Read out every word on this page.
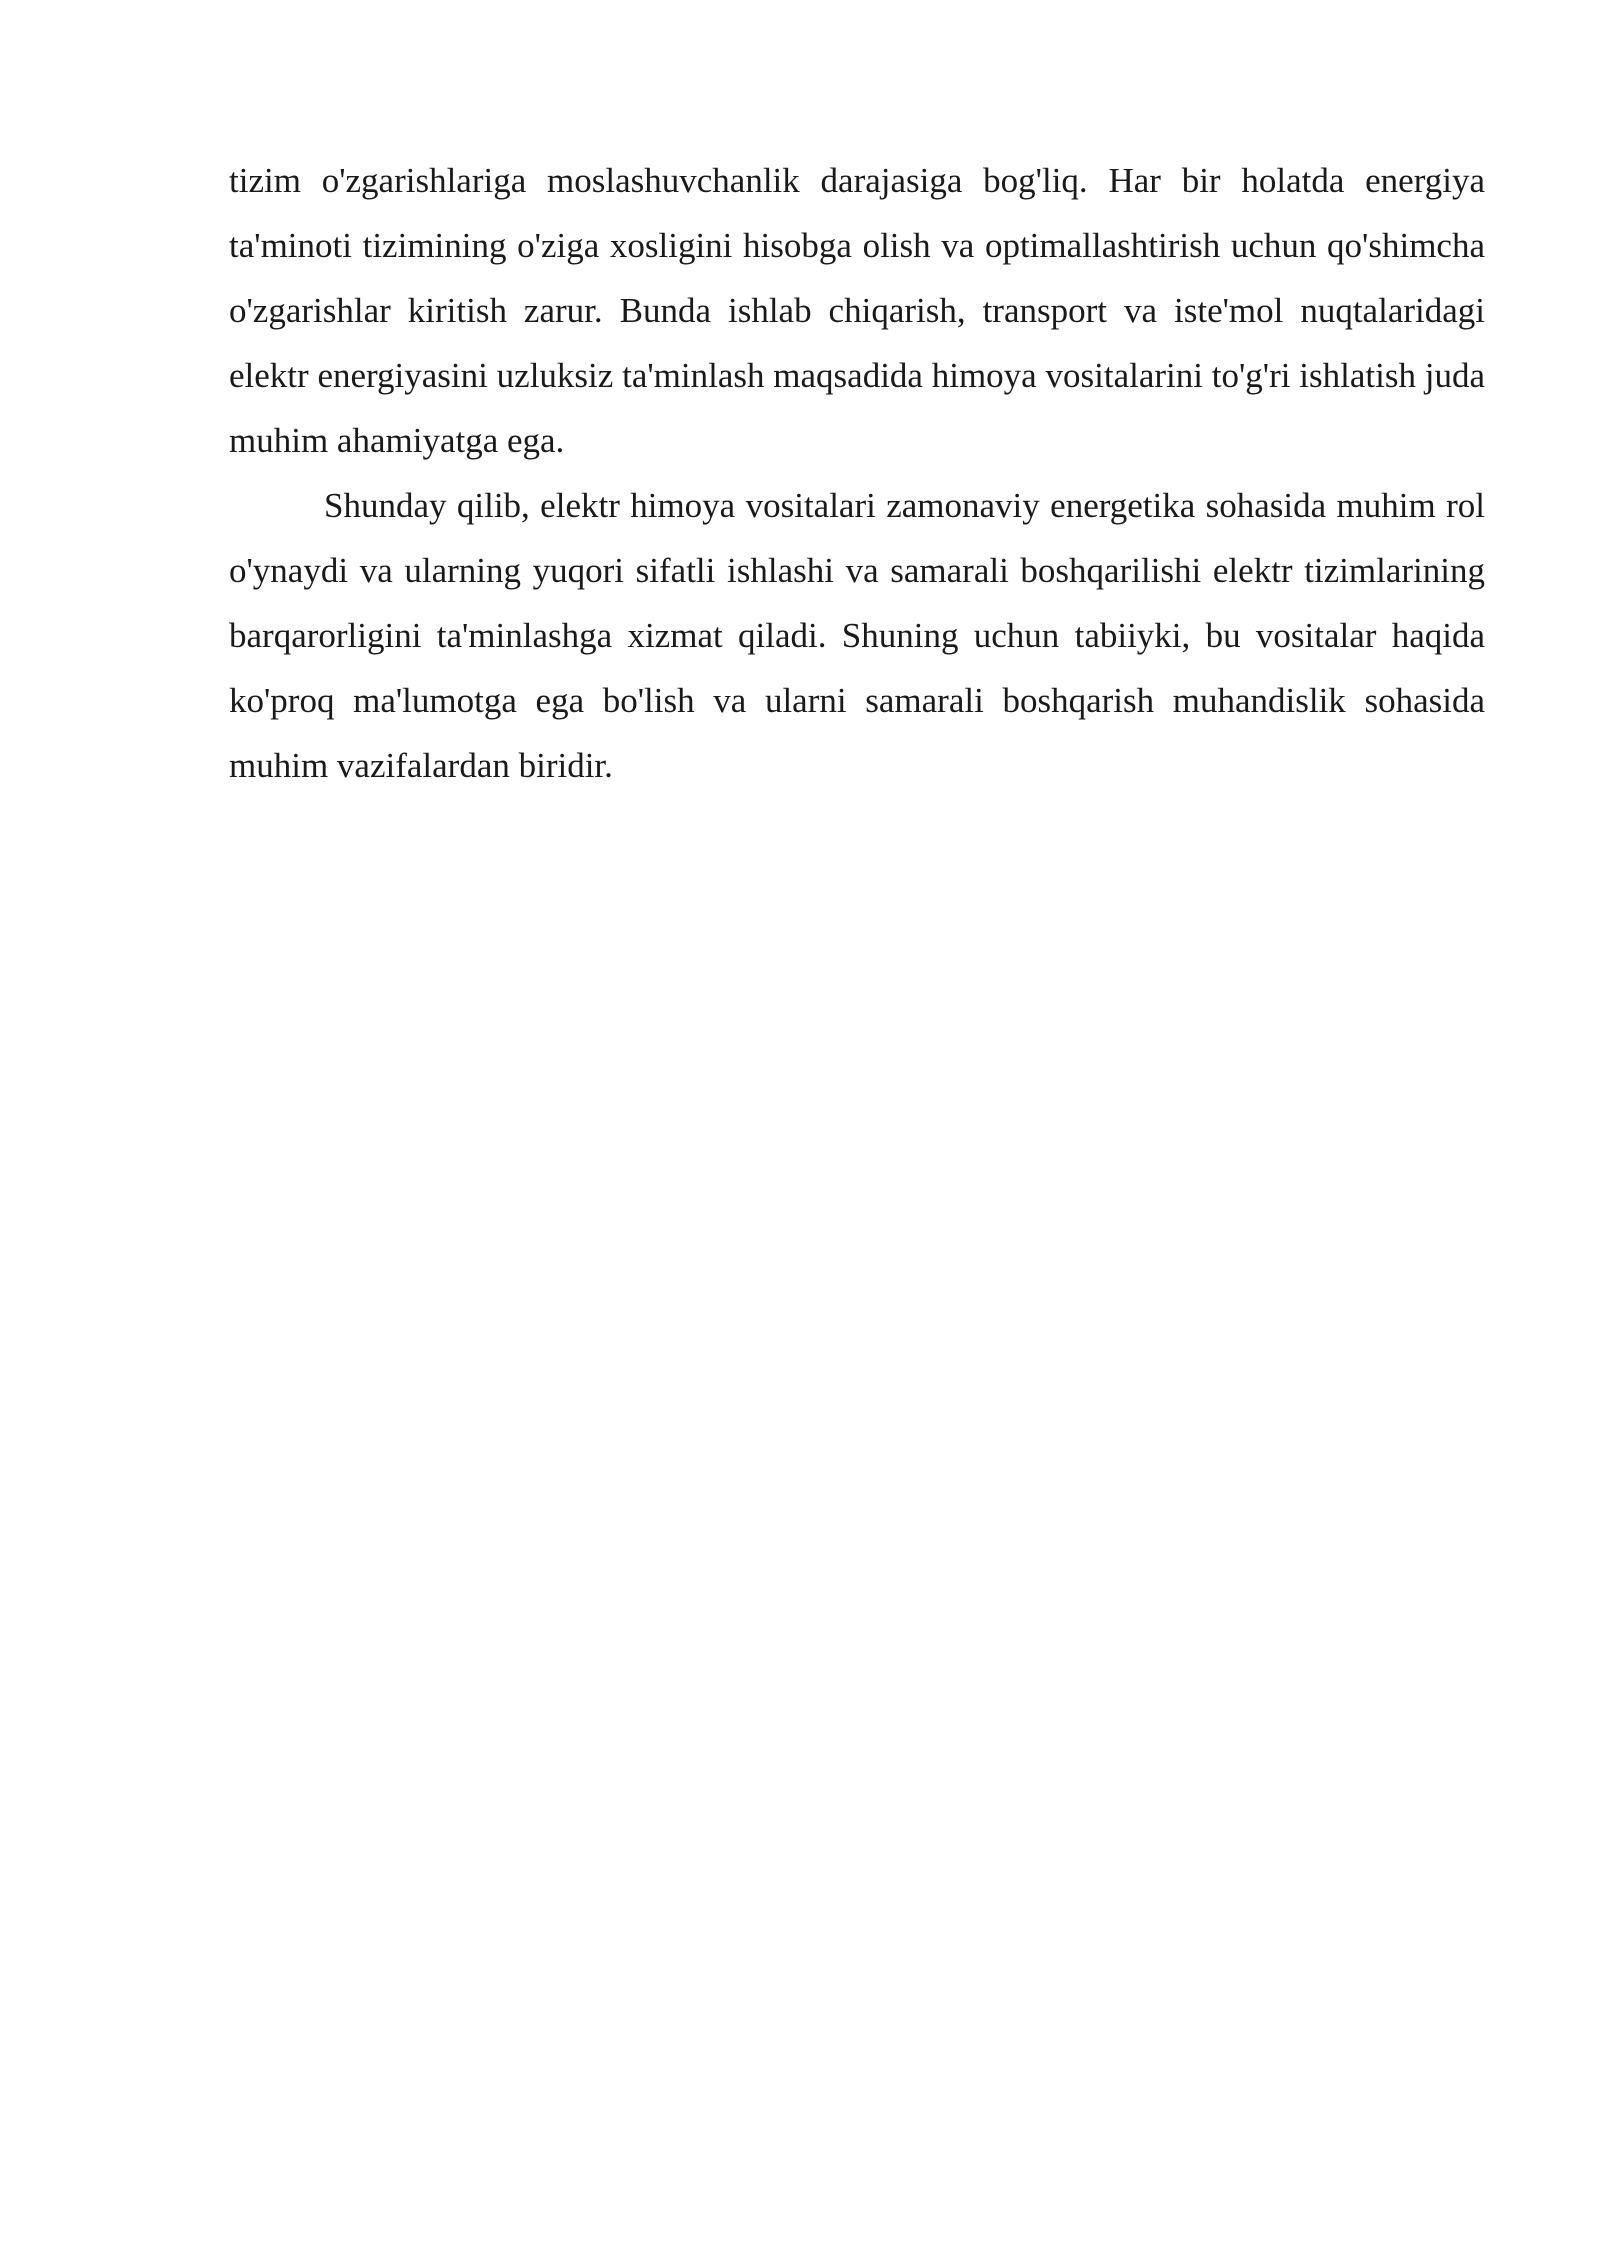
tizim o'zgarishlariga moslashuvchanlik darajasiga bog'liq. Har bir holatda energiya ta'minoti tizimining o'ziga xosligini hisobga olish va optimallashtirish uchun qo'shimcha o'zgarishlar kiritish zarur. Bunda ishlab chiqarish, transport va iste'mol nuqtalaridagi elektr energiyasini uzluksiz ta'minlash maqsadida himoya vositalarini to'g'ri ishlatish juda muhim ahamiyatga ega.

Shunday qilib, elektr himoya vositalari zamonaviy energetika sohasida muhim rol o'ynaydi va ularning yuqori sifatli ishlashi va samarali boshqarilishi elektr tizimlarining barqarorligini ta'minlashga xizmat qiladi. Shuning uchun tabiiyki, bu vositalar haqida ko'proq ma'lumotga ega bo'lish va ularni samarali boshqarish muhandislik sohasida muhim vazifalardan biridir.
